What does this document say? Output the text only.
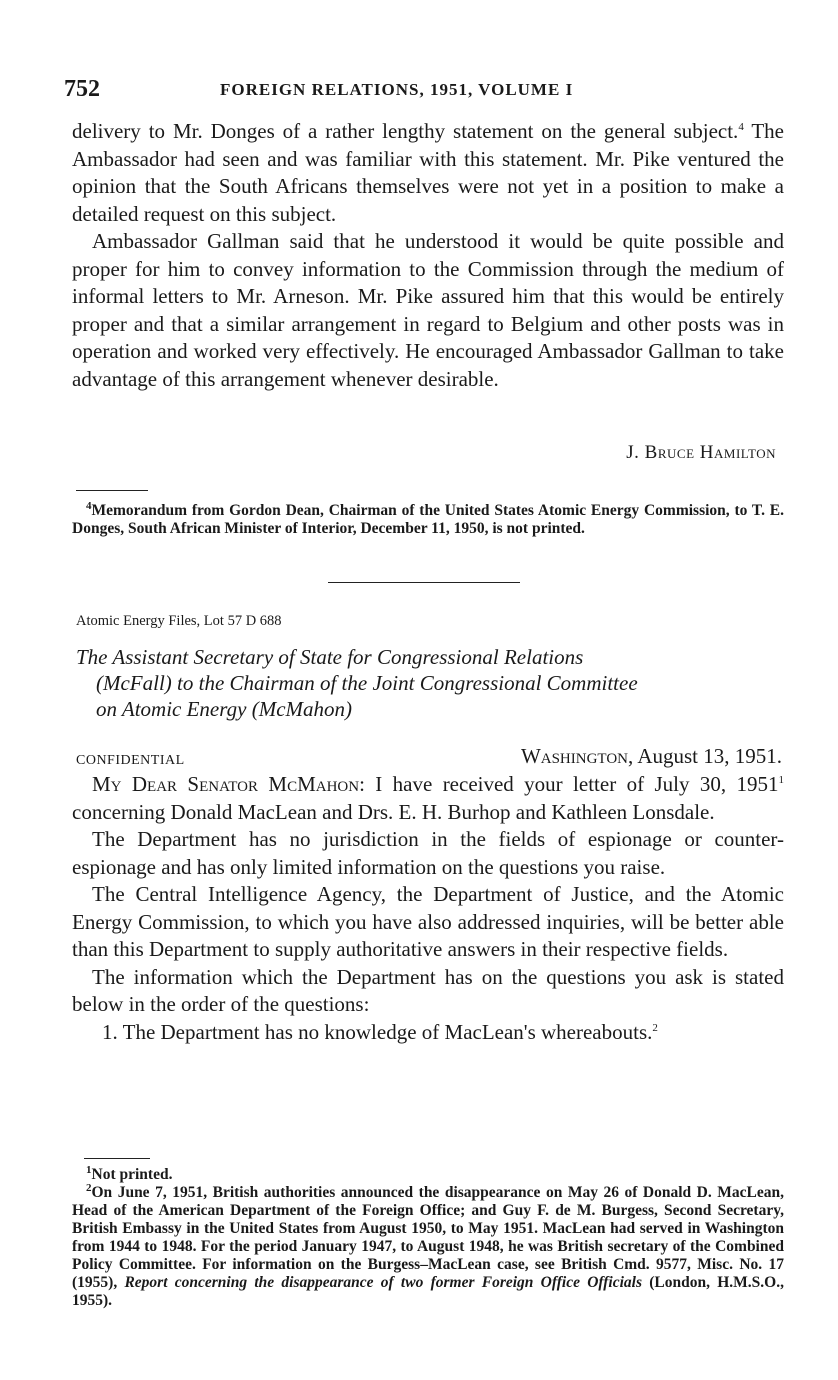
752	FOREIGN RELATIONS, 1951, VOLUME I

delivery to Mr. Donges of a rather lengthy statement on the general subject.$^4$ The Ambassador had seen and was familiar with this statement. Mr. Pike ventured the opinion that the South Africans themselves were not yet in a position to make a detailed request on this subject.

Ambassador Gallman said that he understood it would be quite possible and proper for him to convey information to the Commission through the medium of informal letters to Mr. Arneson. Mr. Pike assured him that this would be entirely proper and that a similar arrangement in regard to Belgium and other posts was in operation and worked very effectively. He encouraged Ambassador Gallman to take advantage of this arrangement whenever desirable.

J. Bruce Hamilton

$^4$Memorandum from Gordon Dean, Chairman of the United States Atomic Energy Commission, to T. E. Donges, South African Minister of Interior, December 11, 1950, is not printed.

Atomic Energy Files, Lot 57 D 688
The Assistant Secretary of State for Congressional Relations
(McFall) to the Chairman of the Joint Congressional Committee
on Atomic Energy (McMahon)
CONFIDENTIAL	Washington, August 13, 1951.

My Dear Senator McMahon: I have received your letter of July 30, 1951$^1$ concerning Donald MacLean and Drs. E. H. Burhop and Kathleen Lonsdale.

The Department has no jurisdiction in the fields of espionage or counter-espionage and has only limited information on the questions you raise.

The Central Intelligence Agency, the Department of Justice, and the Atomic Energy Commission, to which you have also addressed inquiries, will be better able than this Department to supply authoritative answers in their respective fields.

The information which the Department has on the questions you ask is stated below in the order of the questions:

1. The Department has no knowledge of MacLean's whereabouts.$^2$

$^1$Not printed.

$^2$On June 7, 1951, British authorities announced the disappearance on May 26 of Donald D. MacLean, Head of the American Department of the Foreign Office; and Guy F. de M. Burgess, Second Secretary, British Embassy in the United States from August 1950, to May 1951. MacLean had served in Washington from 1944 to 1948. For the period January 1947, to August 1948, he was British secretary of the Combined Policy Committee. For information on the Burgess–MacLean case, see British Cmd. 9577, Misc. No. 17 (1955), Report concerning the disappearance of two former Foreign Office Officials (London, H.M.S.O., 1955).
